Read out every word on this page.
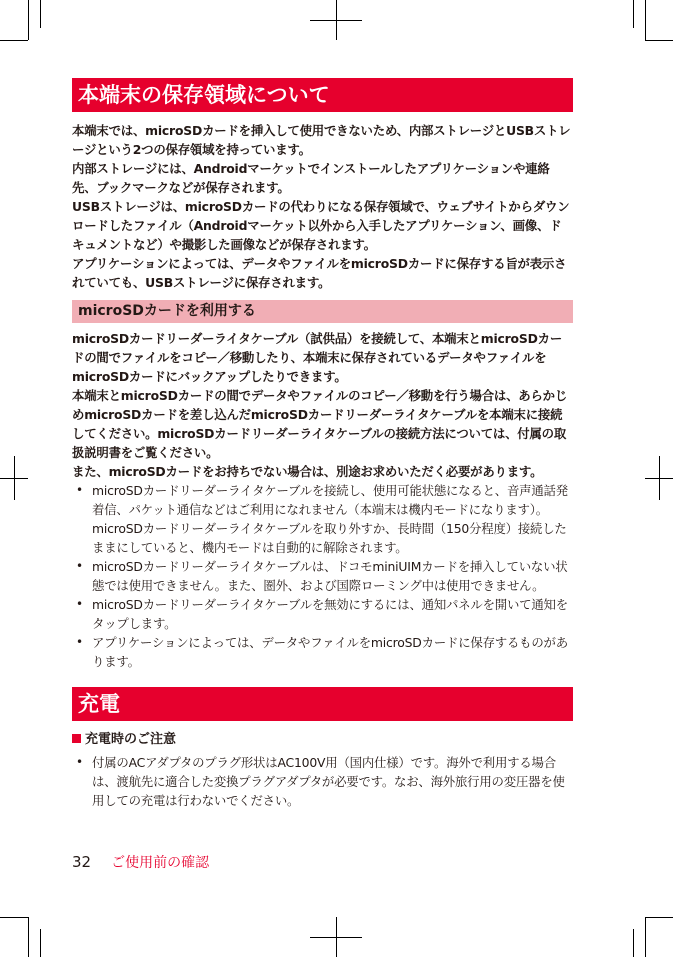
本端末の保存領域について
本端末では、microSDカードを挿入して使用できないため、内部ストレージとUSBストレージという2つの保存領域を持っています。
内部ストレージには、Androidマーケットでインストールしたアプリケーションや連絡先、ブックマークなどが保存されます。
USBストレージは、microSDカードの代わりになる保存領域で、ウェブサイトからダウンロードしたファイル（Androidマーケット以外から入手したアプリケーション、画像、ドキュメントなど）や撮影した画像などが保存されます。
アプリケーションによっては、データやファイルをmicroSDカードに保存する旨が表示されていても、USBストレージに保存されます。
microSDカードを利用する
microSDカードリーダーライタケーブル（試供品）を接続して、本端末とmicroSDカードの間でファイルをコピー／移動したり、本端末に保存されているデータやファイルをmicroSDカードにバックアップしたりできます。
本端末とmicroSDカードの間でデータやファイルのコピー／移動を行う場合は、あらかじめmicroSDカードを差し込んだmicroSDカードリーダーライタケーブルを本端末に接続してください。microSDカードリーダーライタケーブルの接続方法については、付属の取扱説明書をご覧ください。
また、microSDカードをお持ちでない場合は、別途お求めいただく必要があります。
• microSDカードリーダーライタケーブルを接続し、使用可能状態になると、音声通話発着信、パケット通信などはご利用になれません（本端末は機内モードになります）。
microSDカードリーダーライタケーブルを取り外すか、長時間（150分程度）接続したままにしていると、機内モードは自動的に解除されます。
• microSDカードリーダーライタケーブルは、ドコモminiUIMカードを挿入していない状態では使用できません。また、圏外、および国際ローミング中は使用できません。
• microSDカードリーダーライタケーブルを無効にするには、通知パネルを開いて通知をタップします。
• アプリケーションによっては、データやファイルをmicroSDカードに保存するものがあります。
充電
充電時のご注意
• 付属のACアダプタのプラグ形状はAC100V用（国内仕様）です。海外で利用する場合は、渡航先に適合した変換プラグアダプタが必要です。なお、海外旅行用の変圧器を使用しての充電は行わないでください。
32 ご使用前の確認
